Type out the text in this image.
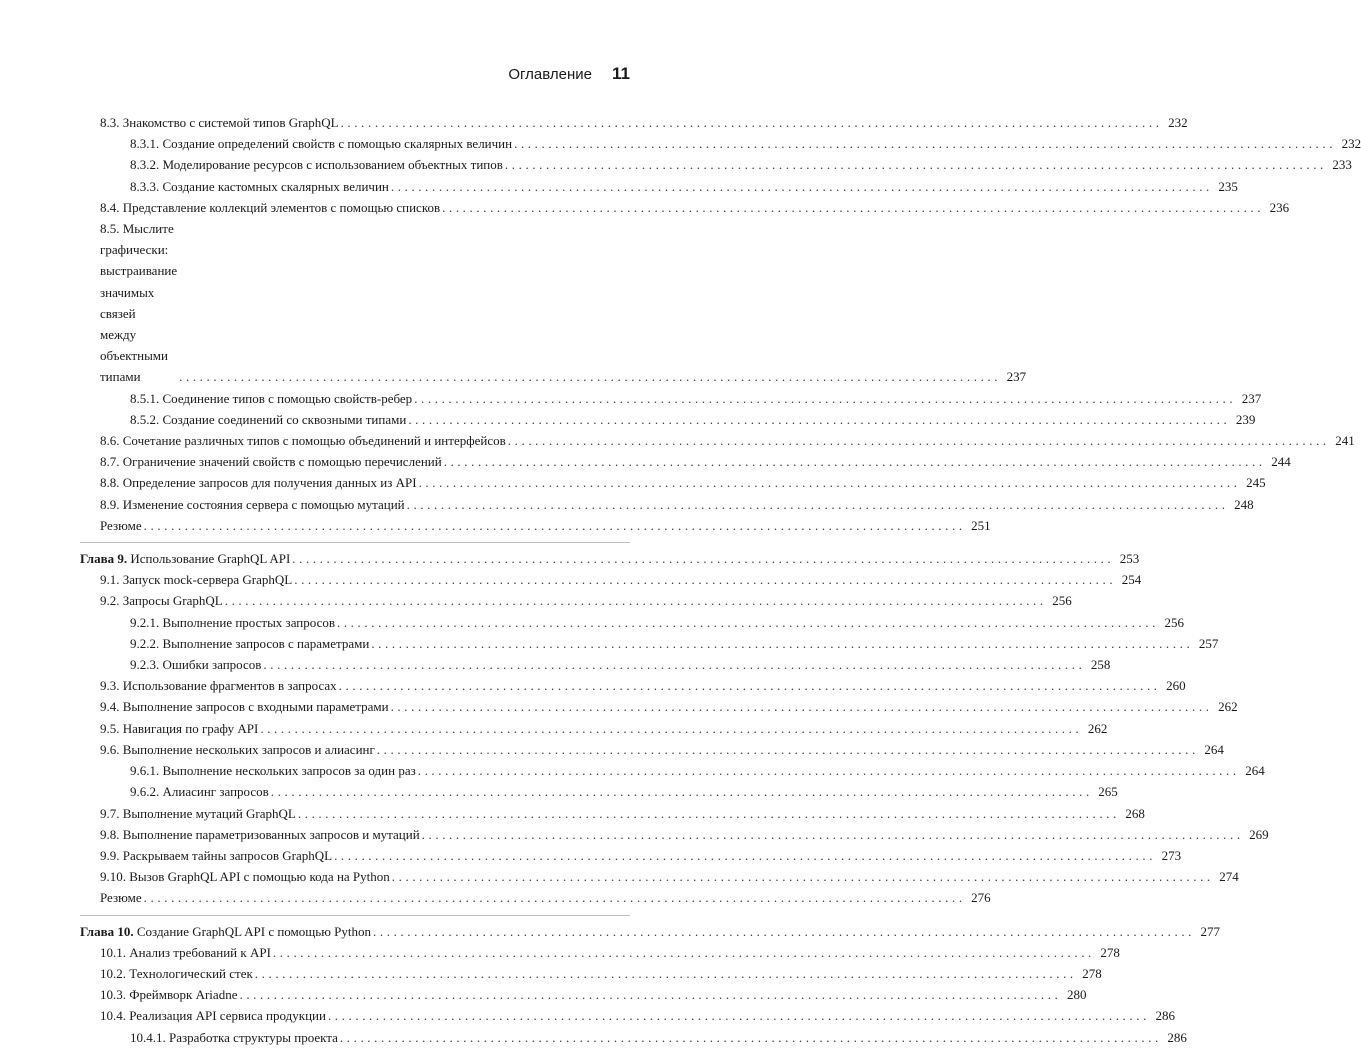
Оглавление 11
8.3. Знакомство с системой типов GraphQL ........................................................................................................................ 232
8.3.1. Создание определений свойств с помощью скалярных величин ........................................................................................................................ 232
8.3.2. Моделирование ресурсов с использованием объектных типов ........................................................................................................................ 233
8.3.3. Создание кастомных скалярных величин ........................................................................................................................ 235
8.4. Представление коллекций элементов с помощью списков ........................................................................................................................ 236
8.5. Мыслите графически: выстраивание значимых связей
между объектными типами	........................................................................................................................ 237
8.5.1. Соединение типов с помощью свойств-ребер ........................................................................................................................ 237
8.5.2. Создание соединений со сквозными типами ........................................................................................................................ 239
8.6. Сочетание различных типов с помощью объединений и интерфейсов ........................................................................................................................ 241
8.7. Ограничение значений свойств с помощью перечислений ........................................................................................................................ 244
8.8. Определение запросов для получения данных из API ........................................................................................................................ 245
8.9. Изменение состояния сервера с помощью мутаций ........................................................................................................................ 248
Резюме ........................................................................................................................ 251
Глава 9. Использование GraphQL API ........................................................................................................................ 253
9.1. Запуск mock-сервера GraphQL ........................................................................................................................ 254
9.2. Запросы GraphQL ........................................................................................................................ 256
9.2.1. Выполнение простых запросов ........................................................................................................................ 256
9.2.2. Выполнение запросов с параметрами ........................................................................................................................ 257
9.2.3. Ошибки запросов ........................................................................................................................ 258
9.3. Использование фрагментов в запросах ........................................................................................................................ 260
9.4. Выполнение запросов с входными параметрами ........................................................................................................................ 262
9.5. Навигация по графу API ........................................................................................................................ 262
9.6. Выполнение нескольких запросов и алиасинг ........................................................................................................................ 264
9.6.1. Выполнение нескольких запросов за один раз ........................................................................................................................ 264
9.6.2. Алиасинг запросов ........................................................................................................................ 265
9.7. Выполнение мутаций GraphQL ........................................................................................................................ 268
9.8. Выполнение параметризованных запросов и мутаций ........................................................................................................................ 269
9.9. Раскрываем тайны запросов GraphQL ........................................................................................................................ 273
9.10. Вызов GraphQL API с помощью кода на Python ........................................................................................................................ 274
Резюме ........................................................................................................................ 276
Глава 10. Создание GraphQL API с помощью Python ........................................................................................................................ 277
10.1. Анализ требований к API ........................................................................................................................ 278
10.2. Технологический стек ........................................................................................................................ 278
10.3. Фреймворк Ariadne ........................................................................................................................ 280
10.4. Реализация API сервиса продукции ........................................................................................................................ 286
10.4.1. Разработка структуры проекта ........................................................................................................................ 286
